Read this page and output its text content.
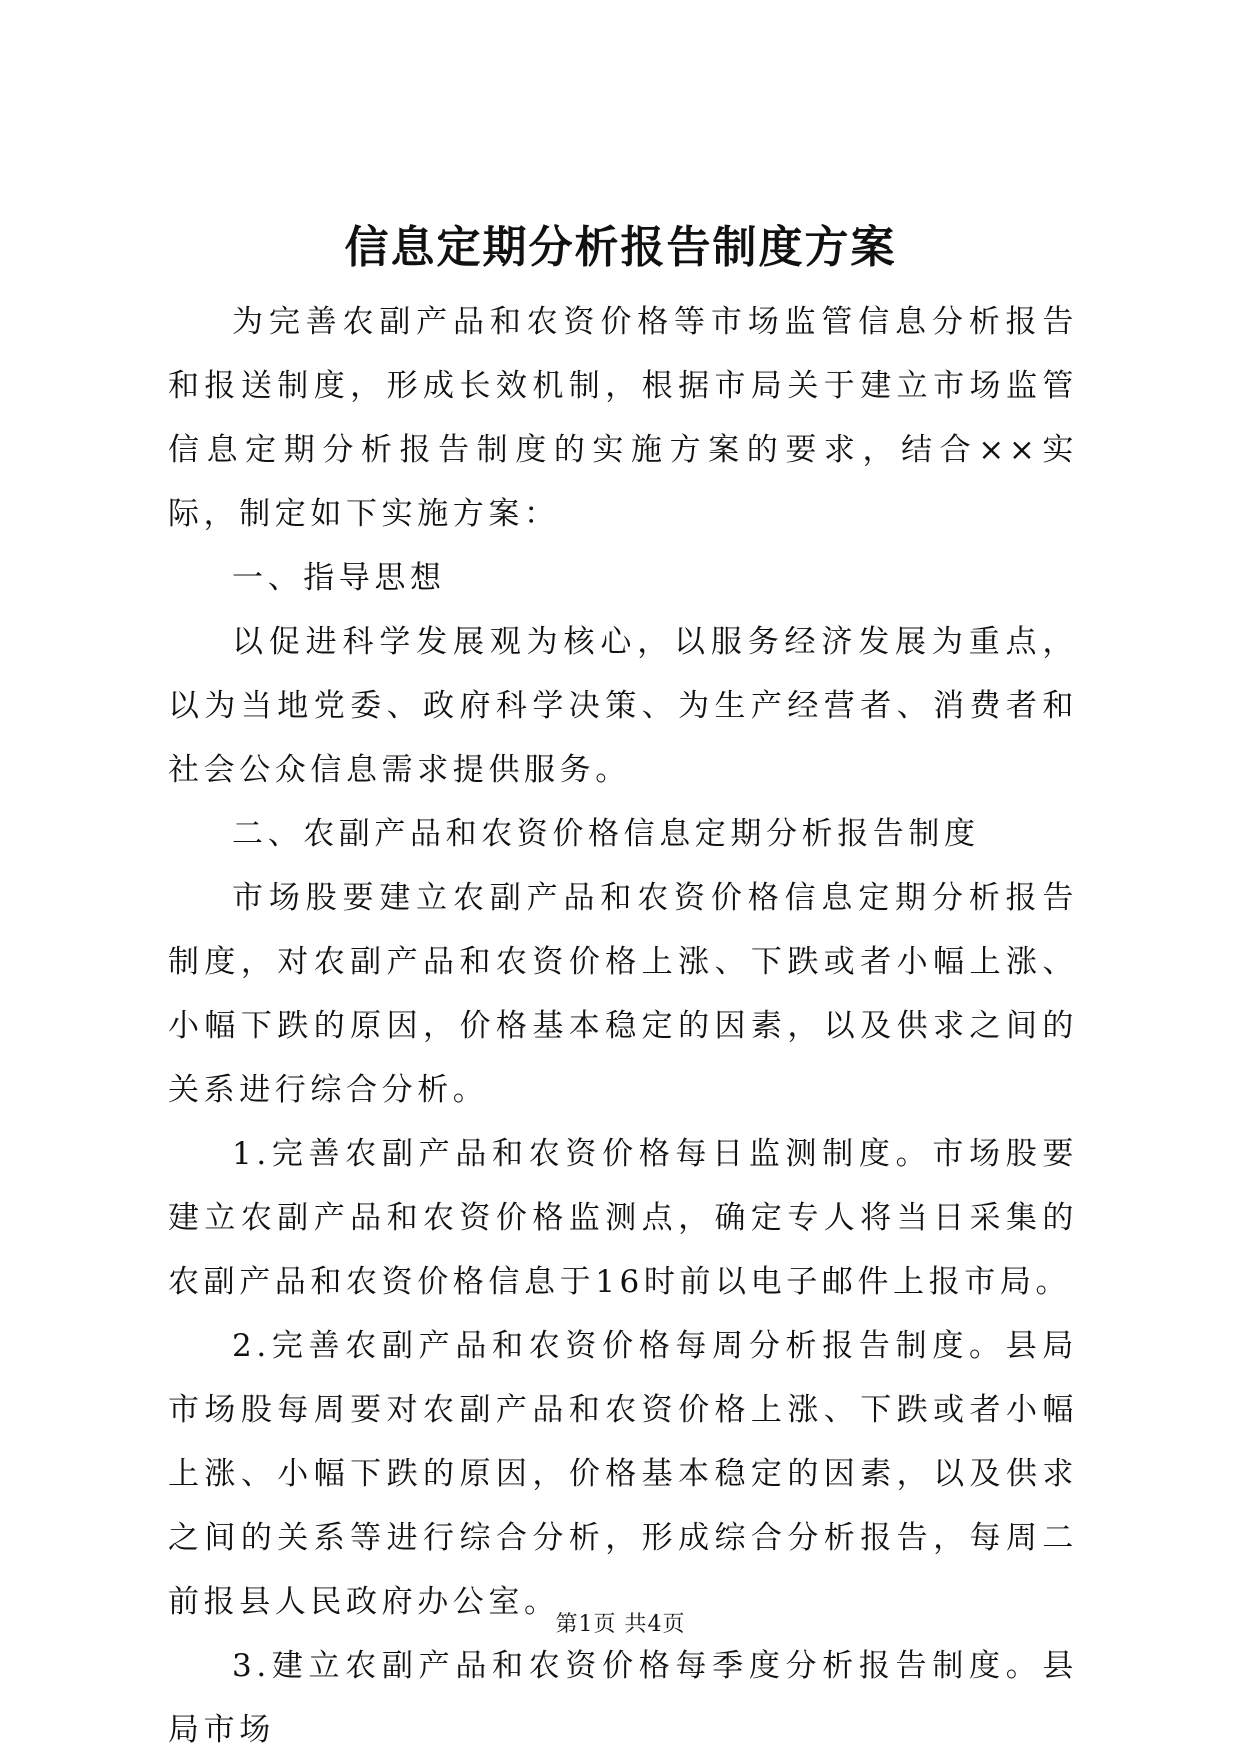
信息定期分析报告制度方案

为完善农副产品和农资价格等市场监管信息分析报告和报送制度，形成长效机制，根据市局关于建立市场监管信息定期分析报告制度的实施方案的要求，结合××实际，制定如下实施方案：

一、指导思想

以促进科学发展观为核心，以服务经济发展为重点，以为当地党委、政府科学决策、为生产经营者、消费者和社会公众信息需求提供服务。

二、农副产品和农资价格信息定期分析报告制度

市场股要建立农副产品和农资价格信息定期分析报告制度，对农副产品和农资价格上涨、下跌或者小幅上涨、小幅下跌的原因，价格基本稳定的因素，以及供求之间的关系进行综合分析。

1.完善农副产品和农资价格每日监测制度。市场股要建立农副产品和农资价格监测点，确定专人将当日采集的农副产品和农资价格信息于16时前以电子邮件上报市局。

2.完善农副产品和农资价格每周分析报告制度。县局市场股每周要对农副产品和农资价格上涨、下跌或者小幅上涨、小幅下跌的原因，价格基本稳定的因素，以及供求之间的关系等进行综合分析，形成综合分析报告，每周二前报县人民政府办公室。

3.建立农副产品和农资价格每季度分析报告制度。县局市场

第1页 共4页
